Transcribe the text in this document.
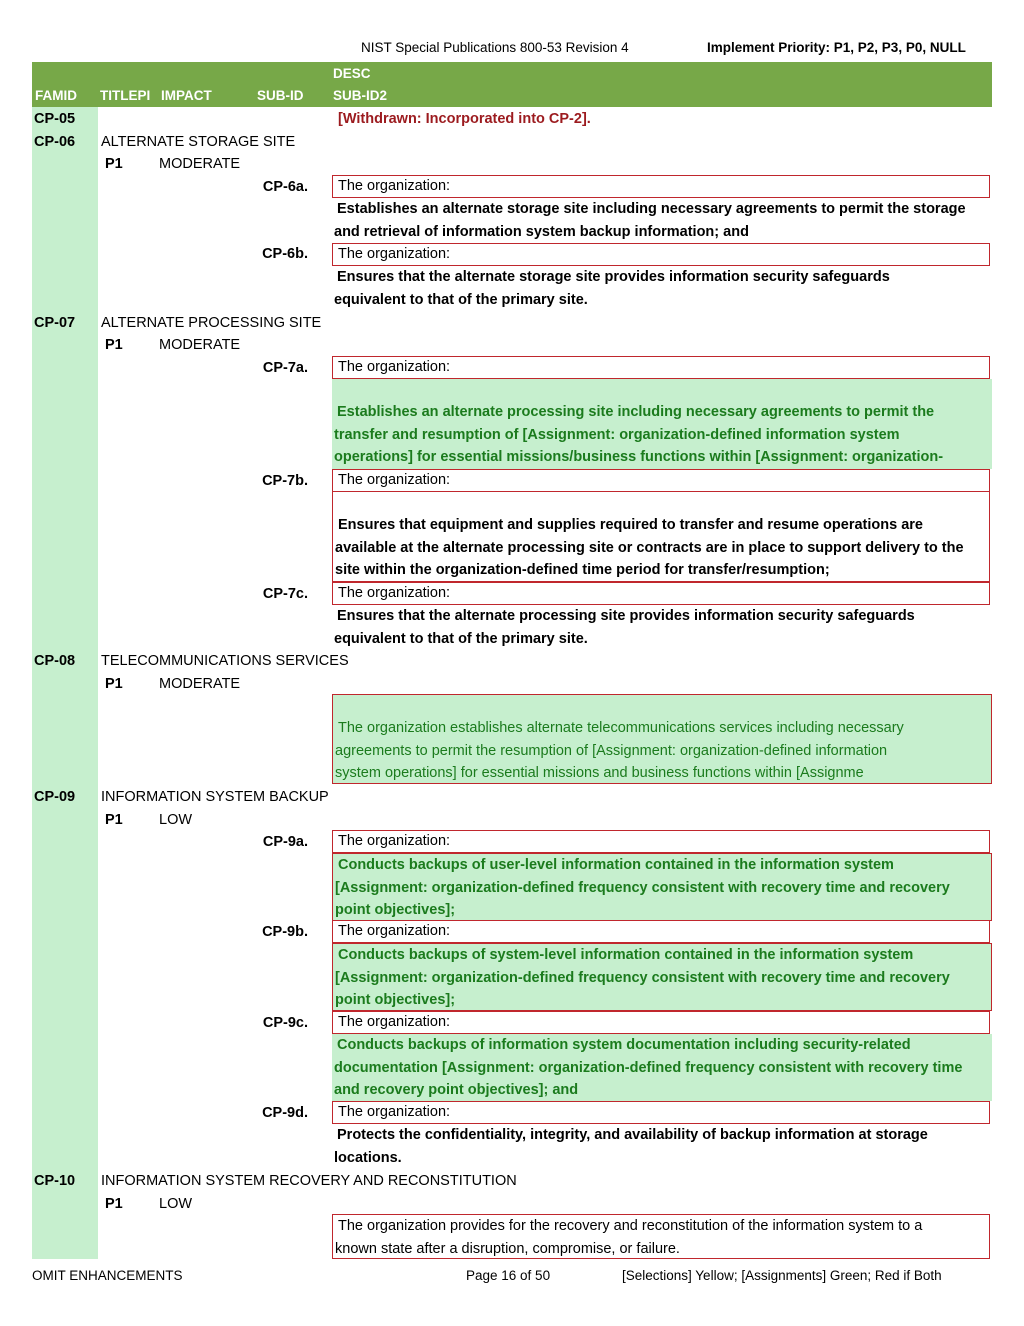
NIST Special Publications 800-53 Revision 4	Implement Priority: P1, P2, P3, P0, NULL
FAMID TITLEPI IMPACT	SUB-ID
DESC
SUB-ID2
CP-05	[Withdrawn: Incorporated into CP-2].
CP-06 ALTERNATE STORAGE SITE
P1	MODERATE
CP-6a.	The organization:
Establishes an alternate storage site including necessary agreements to permit the storage
and retrieval of information system backup information; and
CP-6b.	The organization:
Ensures that the alternate storage site provides information security safeguards
equivalent to that of the primary site.
CP-07 ALTERNATE PROCESSING SITE
P1	MODERATE
CP-7a.	The organization:
Establishes an alternate processing site including necessary agreements to permit the
transfer and resumption of [Assignment: organization-defined information system
operations] for essential missions/business functions within [Assignment: organization-
CP-7b.	The organization:
Ensures that equipment and supplies required to transfer and resume operations are
available at the alternate processing site or contracts are in place to support delivery to the
site within the organization-defined time period for transfer/resumption;
CP-7c.	The organization:
Ensures that the alternate processing site provides information security safeguards
equivalent to that of the primary site.
CP-08 TELECOMMUNICATIONS SERVICES
P1	MODERATE
The organization establishes alternate telecommunications services including necessary
agreements to permit the resumption of [Assignment: organization-defined information
system operations] for essential missions and business functions within [Assignme
CP-09 INFORMATION SYSTEM BACKUP
P1	LOW
CP-9a.	The organization:
Conducts backups of user-level information contained in the information system
[Assignment: organization-defined frequency consistent with recovery time and recovery
point objectives];
CP-9b.	The organization:
Conducts backups of system-level information contained in the information system
[Assignment: organization-defined frequency consistent with recovery time and recovery
point objectives];
CP-9c.	The organization:
Conducts backups of information system documentation including security-related
documentation [Assignment: organization-defined frequency consistent with recovery time
and recovery point objectives]; and
CP-9d.	The organization:
Protects the confidentiality, integrity, and availability of backup information at storage
locations.
CP-10 INFORMATION SYSTEM RECOVERY AND RECONSTITUTION
P1	LOW
The organization provides for the recovery and reconstitution of the information system to a
known state after a disruption, compromise, or failure.
OMIT ENHANCEMENTS	Page 16 of 50	[Selections] Yellow; [Assignments] Green; Red if Both
